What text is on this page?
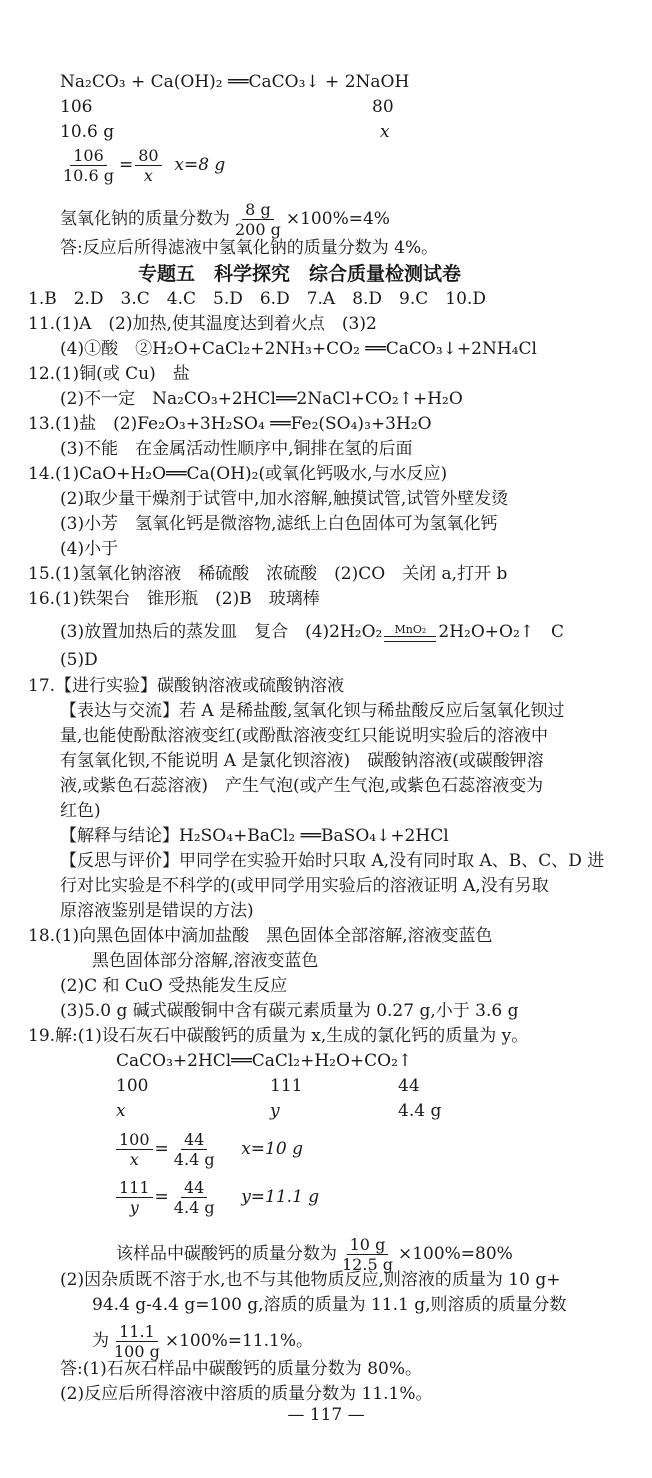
Na₂CO₃ + Ca(OH)₂ ══CaCO₃↓ + 2NaOH
106	80
10.6 g	x
$\frac{106}{10.6 g} = \frac{80}{x} x=8$ g
氢氧化钠的质量分数为 $\frac{8 g}{200 g} \times 100\%=4\%$
答:反应后所得滤液中氢氧化钠的质量分数为 4%。
专题五　科学探究　综合质量检测试卷
1.B　2.D　3.C　4.C　5.D　6.D　7.A　8.D　9.C　10.D
11.(1)A　(2)加热,使其温度达到着火点　(3)2
(4)①酸　②H₂O+CaCl₂+2NH₃+CO₂ ══CaCO₃↓+2NH₄Cl
12.(1)铜(或 Cu)　盐
(2)不一定　Na₂CO₃+2HCl══2NaCl+CO₂↑+H₂O
13.(1)盐　(2)Fe₂O₃+3H₂SO₄ ══Fe₂(SO₄)₃+3H₂O
(3)不能　在金属活动性顺序中,铜排在氢的后面
14.(1)CaO+H₂O══Ca(OH)₂(或氧化钙吸水,与水反应)
(2)取少量干燥剂于试管中,加水溶解,触摸试管,试管外壁发烫
(3)小芳　氢氧化钙是微溶物,滤纸上白色固体可为氢氧化钙
(4)小于
15.(1)氢氧化钠溶液　稀硫酸　浓硫酸　(2)CO　关闭 a,打开 b
16.(1)铁架台　锥形瓶　(2)B　玻璃棒
(3)放置加热后的蒸发皿　复合　(4)2H₂O₂ MnO₂ 2H₂O+O₂↑　C
(5)D
17.【进行实验】碳酸钠溶液或硫酸钠溶液
【表达与交流】若 A 是稀盐酸,氢氧化钡与稀盐酸反应后氢氧化钡过
量,也能使酚酞溶液变红(或酚酞溶液变红只能说明实验后的溶液中
有氢氧化钡,不能说明 A 是氯化钡溶液)　碳酸钠溶液(或碳酸钾溶
液,或紫色石蕊溶液)　产生气泡(或产生气泡,或紫色石蕊溶液变为
红色)
【解释与结论】H₂SO₄+BaCl₂ ══BaSO₄↓+2HCl
【反思与评价】甲同学在实验开始时只取 A,没有同时取 A、B、C、D 进
行对比实验是不科学的(或甲同学用实验后的溶液证明 A,没有另取
原溶液鉴别是错误的方法)
18.(1)向黑色固体中滴加盐酸　黑色固体全部溶解,溶液变蓝色
黑色固体部分溶解,溶液变蓝色
(2)C 和 CuO 受热能发生反应
(3)5.0 g 碱式碳酸铜中含有碳元素质量为 0.27 g,小于 3.6 g
19.解:(1)设石灰石中碳酸钙的质量为 x,生成的氯化钙的质量为 y。
CaCO₃+2HCl══CaCl₂+H₂O+CO₂↑
100	111	44
x	y	4.4 g
$\frac{100}{x} = \frac{44}{4.4 g} x=10$ g
$\frac{111}{y} = \frac{44}{4.4 g} y=11.1$ g
该样品中碳酸钙的质量分数为 $\frac{10 g}{12.5 g} \times 100\%=80\%$
(2)因杂质既不溶于水,也不与其他物质反应,则溶液的质量为 10 g+
94.4 g-4.4 g=100 g,溶质的质量为 11.1 g,则溶质的质量分数
为 $\frac{11.1}{100 g} \times 100\%=11.1\%$。
答:(1)石灰石样品中碳酸钙的质量分数为 80%。
(2)反应后所得溶液中溶质的质量分数为 11.1%。
— 117 —
